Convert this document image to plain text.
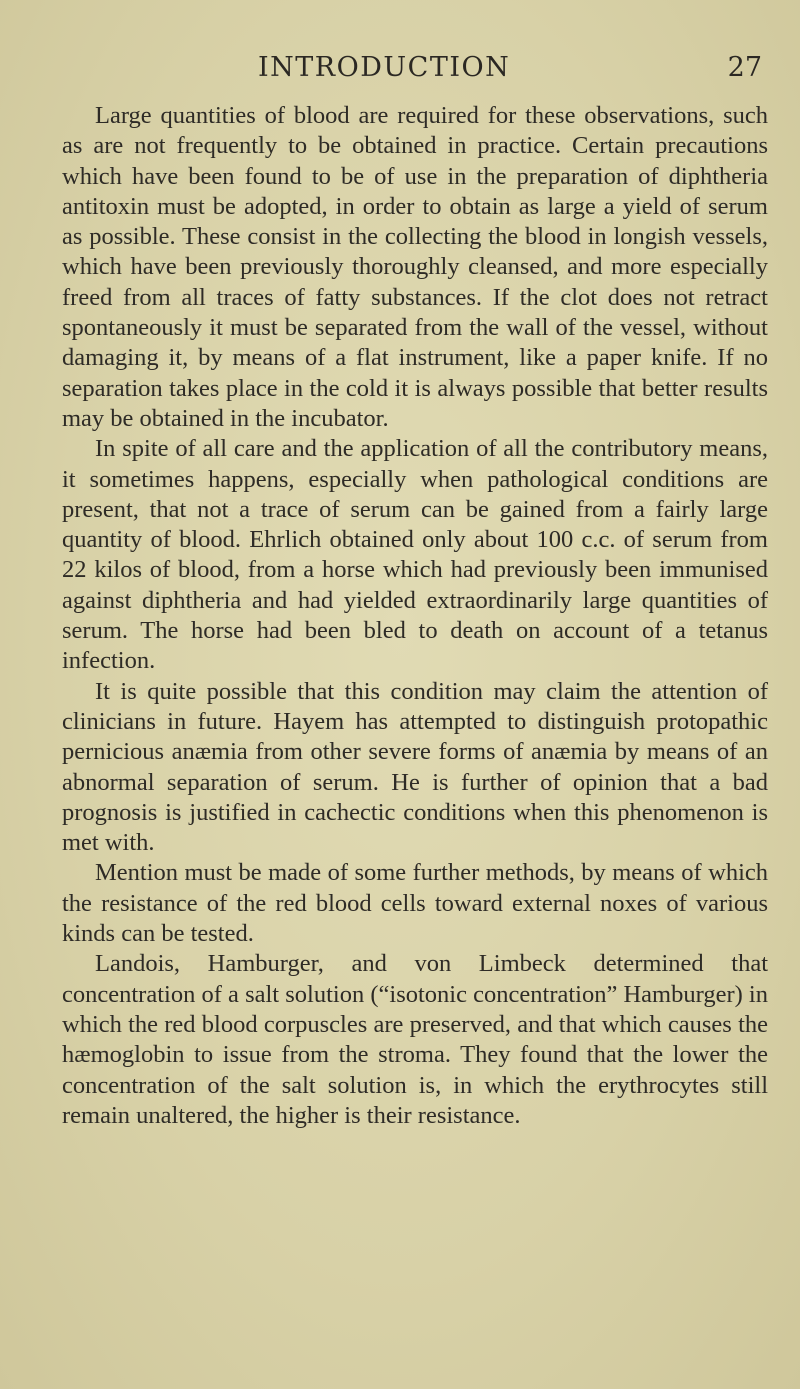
INTRODUCTION	27

Large quantities of blood are required for these observations, such as are not frequently to be obtained in practice. Certain precautions which have been found to be of use in the preparation of diphtheria antitoxin must be adopted, in order to obtain as large a yield of serum as possible. These consist in the collecting the blood in longish vessels, which have been previously thoroughly cleansed, and more especially freed from all traces of fatty substances. If the clot does not retract spontaneously it must be separated from the wall of the vessel, without damaging it, by means of a flat instrument, like a paper knife. If no separation takes place in the cold it is always possible that better results may be obtained in the incubator.

In spite of all care and the application of all the contributory means, it sometimes happens, especially when pathological conditions are present, that not a trace of serum can be gained from a fairly large quantity of blood. Ehrlich obtained only about 100 c.c. of serum from 22 kilos of blood, from a horse which had previously been immunised against diphtheria and had yielded extraordinarily large quantities of serum. The horse had been bled to death on account of a tetanus infection.

It is quite possible that this condition may claim the attention of clinicians in future. Hayem has attempted to distinguish protopathic pernicious anæmia from other severe forms of anæmia by means of an abnormal separation of serum. He is further of opinion that a bad prognosis is justified in cachectic conditions when this phenomenon is met with.

Mention must be made of some further methods, by means of which the resistance of the red blood cells toward external noxes of various kinds can be tested.

Landois, Hamburger, and von Limbeck determined that concentration of a salt solution (“isotonic concentration” Hamburger) in which the red blood corpuscles are preserved, and that which causes the hæmoglobin to issue from the stroma. They found that the lower the concentration of the salt solution is, in which the erythrocytes still remain unaltered, the higher is their resistance.
